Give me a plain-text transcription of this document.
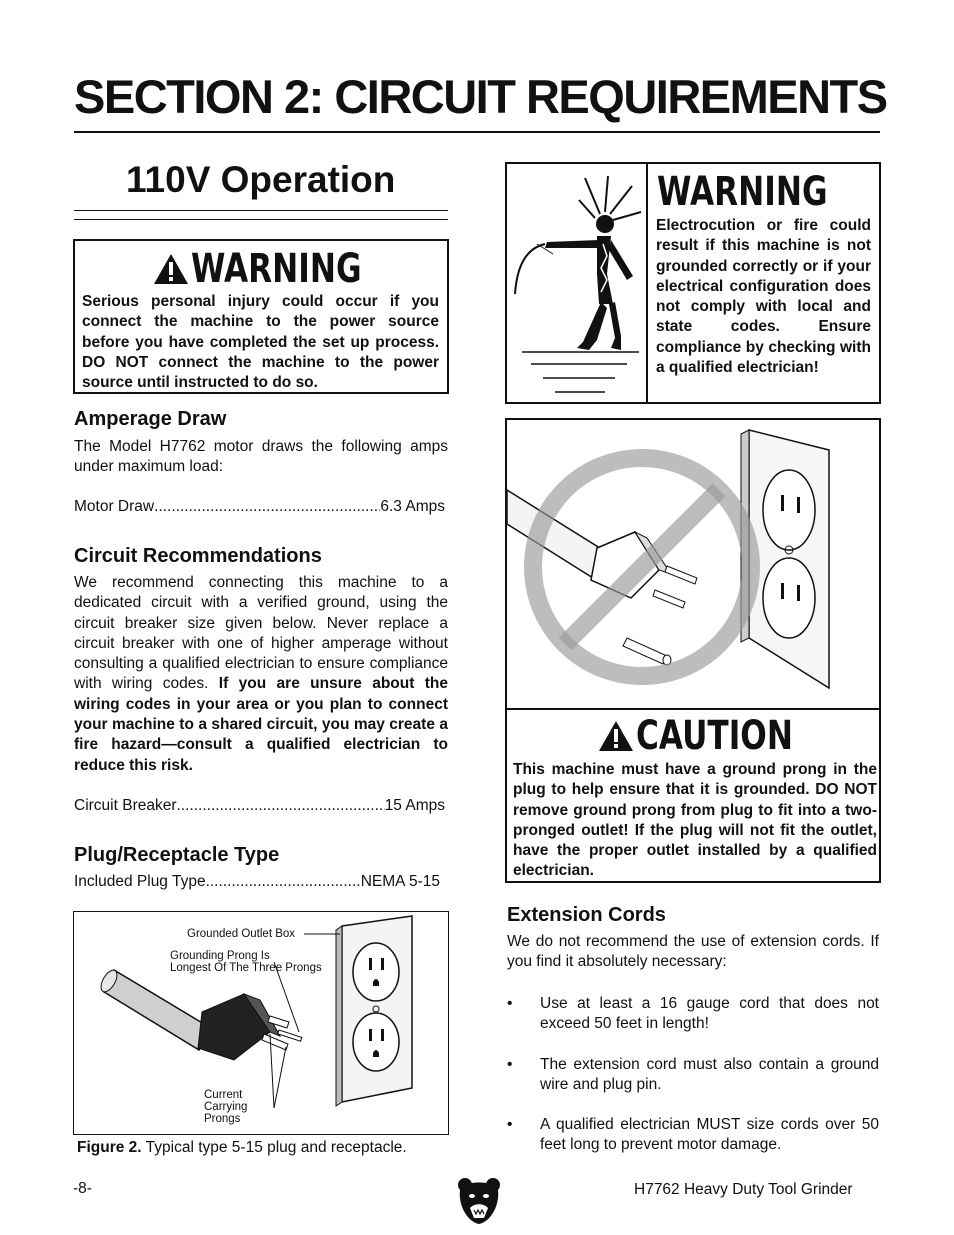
SECTION 2: CIRCUIT REQUIREMENTS
110V Operation
WARNING
Serious personal injury could occur if you connect the machine to the power source before you have completed the set up process. DO NOT connect the machine to the power source until instructed to do so.
Amperage Draw
The Model H7762 motor draws the following amps under maximum load:
Motor Draw .....	6.3 Amps
Circuit Recommendations
We recommend connecting this machine to a dedicated circuit with a verified ground, using the circuit breaker size given below. Never replace a circuit breaker with one of higher amperage without consulting a qualified electrician to ensure compliance with wiring codes. If you are unsure about the wiring codes in your area or you plan to connect your machine to a shared circuit, you may create a fire hazard—consult a qualified electrician to reduce this risk.
Circuit Breaker .....	15 Amps
Plug/Receptacle Type
Included Plug Type .....	NEMA 5-15
Grounded Outlet Box
Grounding Prong Is
Longest Of The Three Prongs
Current
Carrying
Prongs
Figure 2. Typical type 5-15 plug and receptacle.
WARNING
Electrocution or fire could result if this machine is not grounded correctly or if your electrical configuration does not comply with local and state codes. Ensure compliance by checking with a qualified electrician!
CAUTION
This machine must have a ground prong in the plug to help ensure that it is grounded. DO NOT remove ground prong from plug to fit into a two-pronged outlet! If the plug will not fit the outlet, have the proper outlet installed by a qualified electrician.
Extension Cords
We do not recommend the use of extension cords. If you find it absolutely necessary:
•	Use at least a 16 gauge cord that does not exceed 50 feet in length!
•	The extension cord must also contain a ground wire and plug pin.
•	A qualified electrician MUST size cords over 50 feet long to prevent motor damage.
-8-	H7762 Heavy Duty Tool Grinder
